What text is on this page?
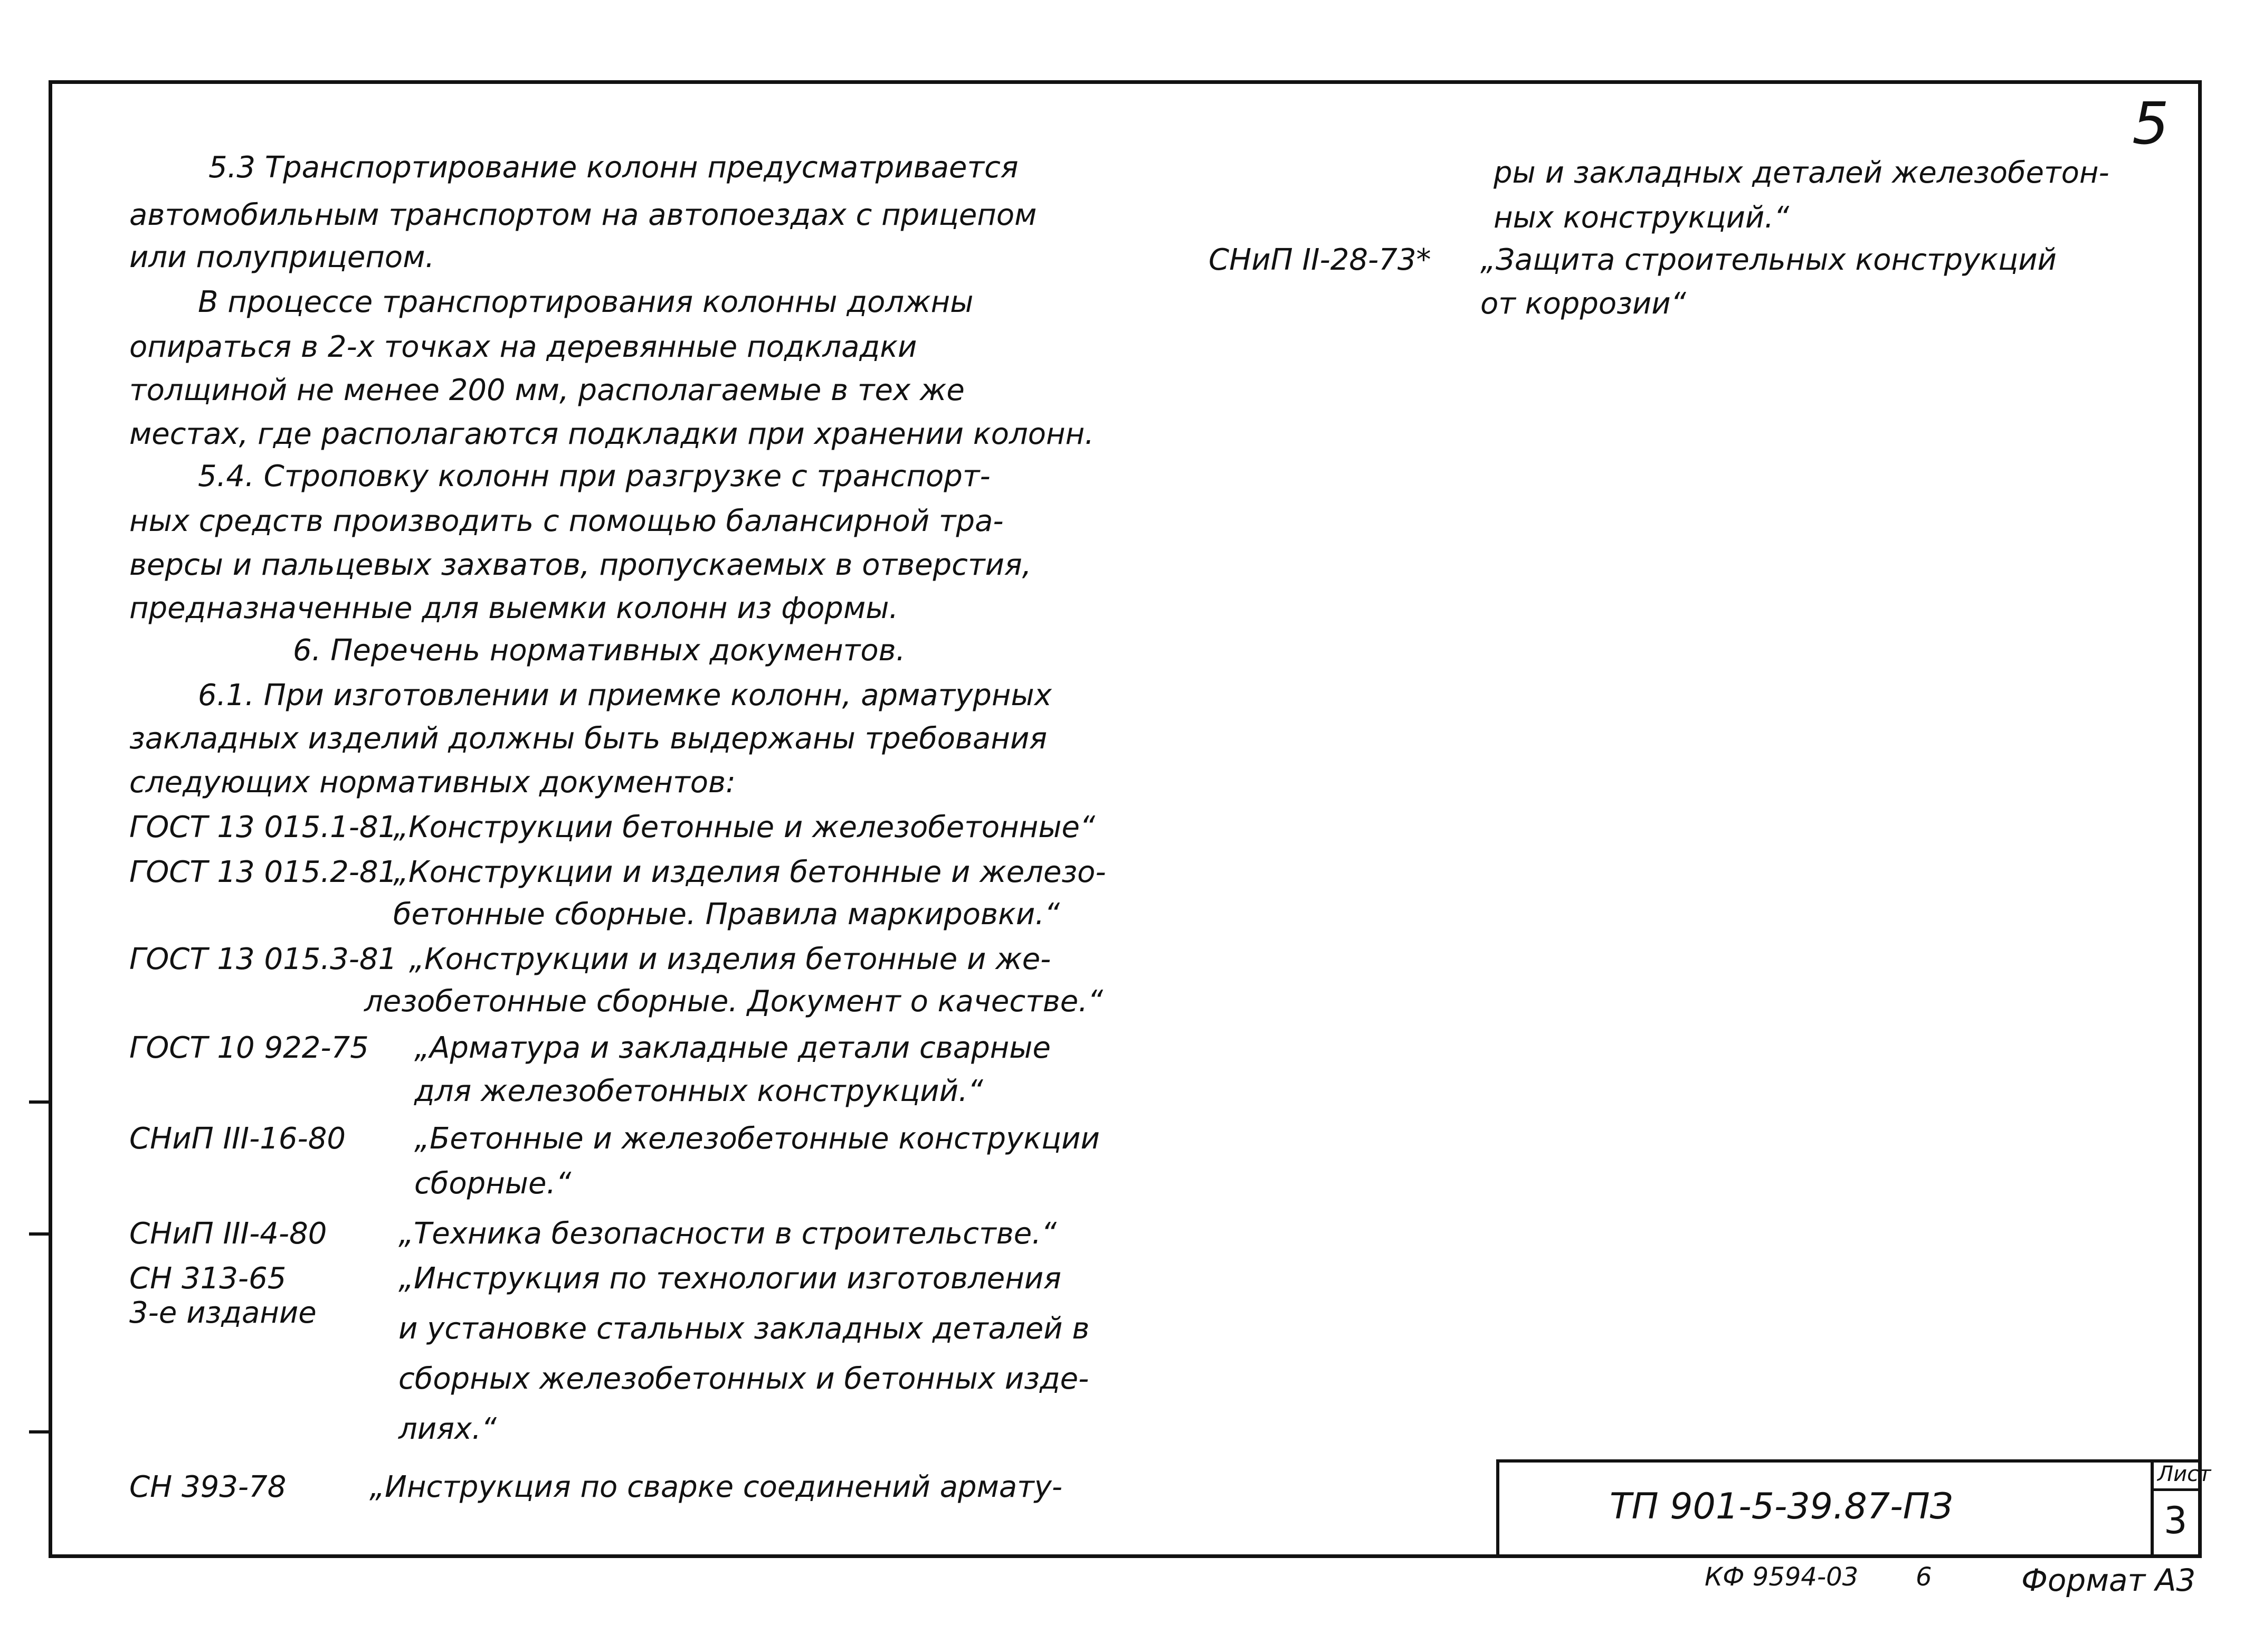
5
5.3 Транспортирование колонн предусматривается
автомобильным транспортом на автопоездах с прицепом
или полуприцепом.
В процессе транспортирования колонны должны
опираться в 2-х точках на деревянные подкладки
толщиной не менее 200 мм, располагаемые в тех же
местах, где располагаются подкладки при хранении колонн.
5.4. Строповку колонн при разгрузке с транспорт-
ных средств производить с помощью балансирной тра-
версы и пальцевых захватов, пропускаемых в отверстия,
предназначенные для выемки колонн из формы.
6. Перечень нормативных документов.
6.1. При изготовлении и приемке колонн, арматурных
закладных изделий должны быть выдержаны требования
следующих нормативных документов:
ГОСТ 13 015.1-81
„Конструкции бетонные и железобетонные“
ГОСТ 13 015.2-81
„Конструкции и изделия бетонные и железо-
бетонные сборные. Правила маркировки.“
ГОСТ 13 015.3-81 „Конструкции и изделия бетонные и же-
лезобетонные сборные. Документ о качестве.“
ГОСТ 10 922-75 „Арматура и закладные детали сварные
для железобетонных конструкций.“
СНиП III-16-80 „Бетонные и железобетонные конструкции
сборные.“
СНиП III-4-80 „Техника безопасности в строительстве.“
СН 313-65
3-е издание
„Инструкция по технологии изготовления
и установке стальных закладных деталей в
сборных железобетонных и бетонных изде-
лиях.“
СН 393-78	„Инструкция по сварке соединений армату-
ры и закладных деталей железобетон-
ных конструкций.“
СНиП II-28-73* „Защита строительных конструкций
от коррозии“
ТП 901-5-39.87-ПЗ
Лист
3
КФ 9594-03 6	Формат А3
